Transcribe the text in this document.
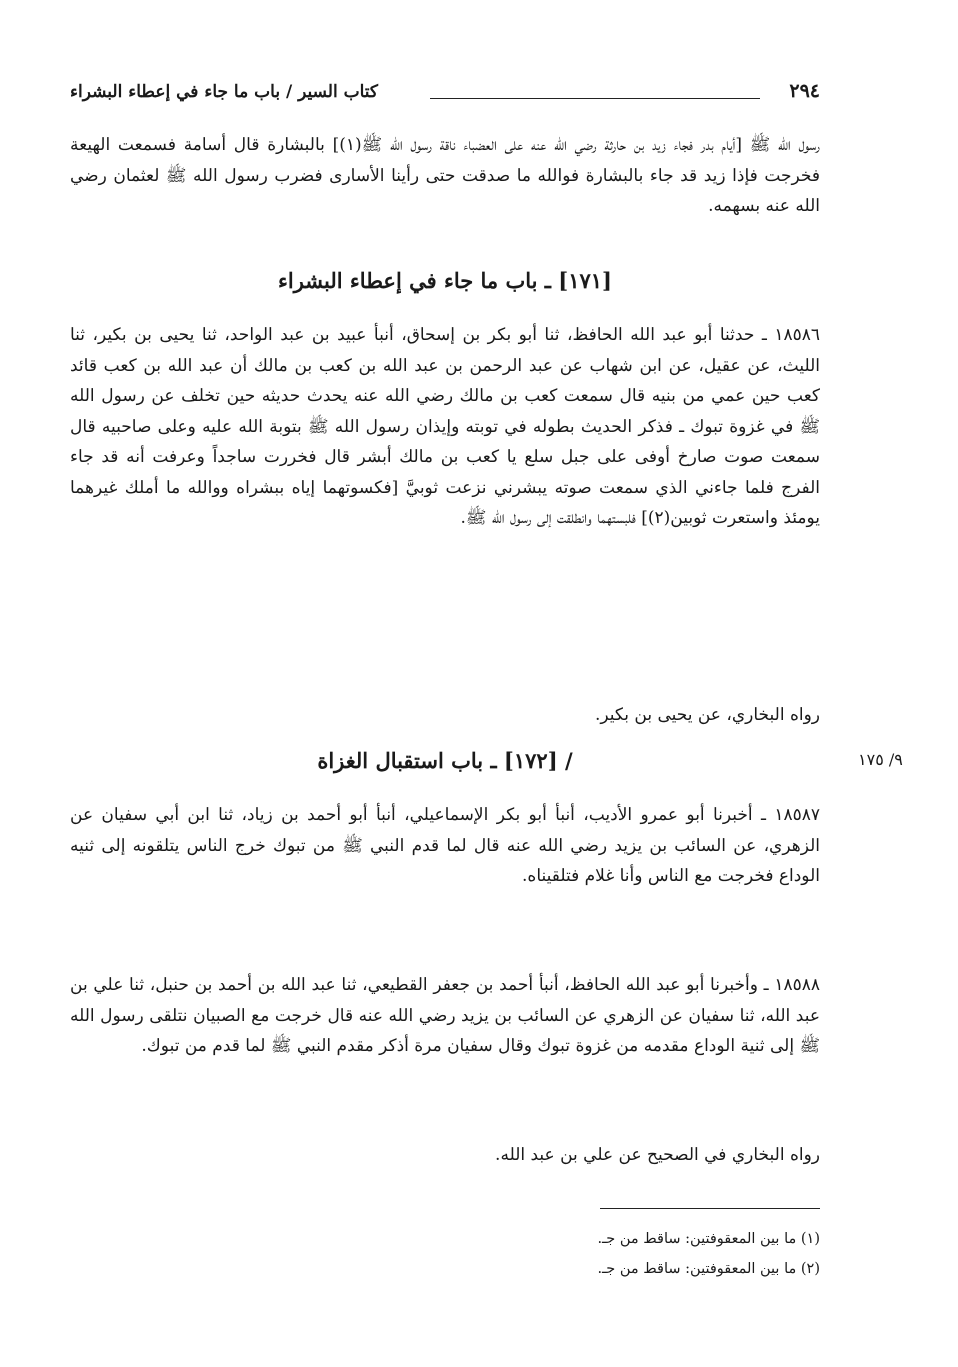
٢٩٤
كتاب السير / باب ما جاء في إعطاء البشراء

رسول الله ﷺ [أيام بدر فجاء زيد بن حارثة رضي الله عنه على العضباء ناقة رسول الله ﷺ(١)] بالبشارة قال أسامة فسمعت الهيعة فخرجت فإذا زيد قد جاء بالبشارة فوالله ما صدقت حتى رأينا الأسارى فضرب رسول الله ﷺ لعثمان رضي الله عنه بسهمه.

[١٧١] ـ باب ما جاء في إعطاء البشراء

١٨٥٨٦ ـ حدثنا أبو عبد الله الحافظ، ثنا أبو بكر بن إسحاق، أنبأ عبيد بن عبد الواحد، ثنا يحيى بن بكير، ثنا الليث، عن عقيل، عن ابن شهاب عن عبد الرحمن بن عبد الله بن كعب بن مالك أن عبد الله بن كعب قائد كعب حين عمي من بنيه قال سمعت كعب بن مالك رضي الله عنه يحدث حديثه حين تخلف عن رسول الله ﷺ في غزوة تبوك ـ فذكر الحديث بطوله في توبته وإيذان رسول الله ﷺ بتوبة الله عليه وعلى صاحبيه قال سمعت صوت صارخ أوفى على جبل سلع يا كعب بن مالك أبشر قال فخررت ساجداً وعرفت أنه قد جاء الفرج فلما جاءني الذي سمعت صوته يبشرني نزعت ثوبيَّ [فكسوتهما إياه ببشراه ووالله ما أملك غيرهما يومئذ واستعرت ثوبين(٢)] فلبستهما وانطلقت إلى رسول الله ﷺ.

رواه البخاري، عن يحيى بن بكير.

/ [١٧٢] ـ باب استقبال الغزاة	٩/ ١٧٥

١٨٥٨٧ ـ أخبرنا أبو عمرو الأديب، أنبأ أبو بكر الإسماعيلي، أنبأ أبو أحمد بن زياد، ثنا ابن أبي سفيان عن الزهري، عن السائب بن يزيد رضي الله عنه قال لما قدم النبي ﷺ من تبوك خرج الناس يتلقونه إلى ثنيه الوداع فخرجت مع الناس وأنا غلام فتلقيناه.

١٨٥٨٨ ـ وأخبرنا أبو عبد الله الحافظ، أنبأ أحمد بن جعفر القطيعي، ثنا عبد الله بن أحمد بن حنبل، ثنا علي بن عبد الله، ثنا سفيان عن الزهري عن السائب بن يزيد رضي الله عنه قال خرجت مع الصبيان نتلقى رسول الله ﷺ إلى ثنية الوداع مقدمه من غزوة تبوك وقال سفيان مرة أذكر مقدم النبي ﷺ لما قدم من تبوك.

رواه البخاري في الصحيح عن علي بن عبد الله.

(١) ما بين المعقوفتين: ساقط من جـ.

(٢) ما بين المعقوفتين: ساقط من جـ.
